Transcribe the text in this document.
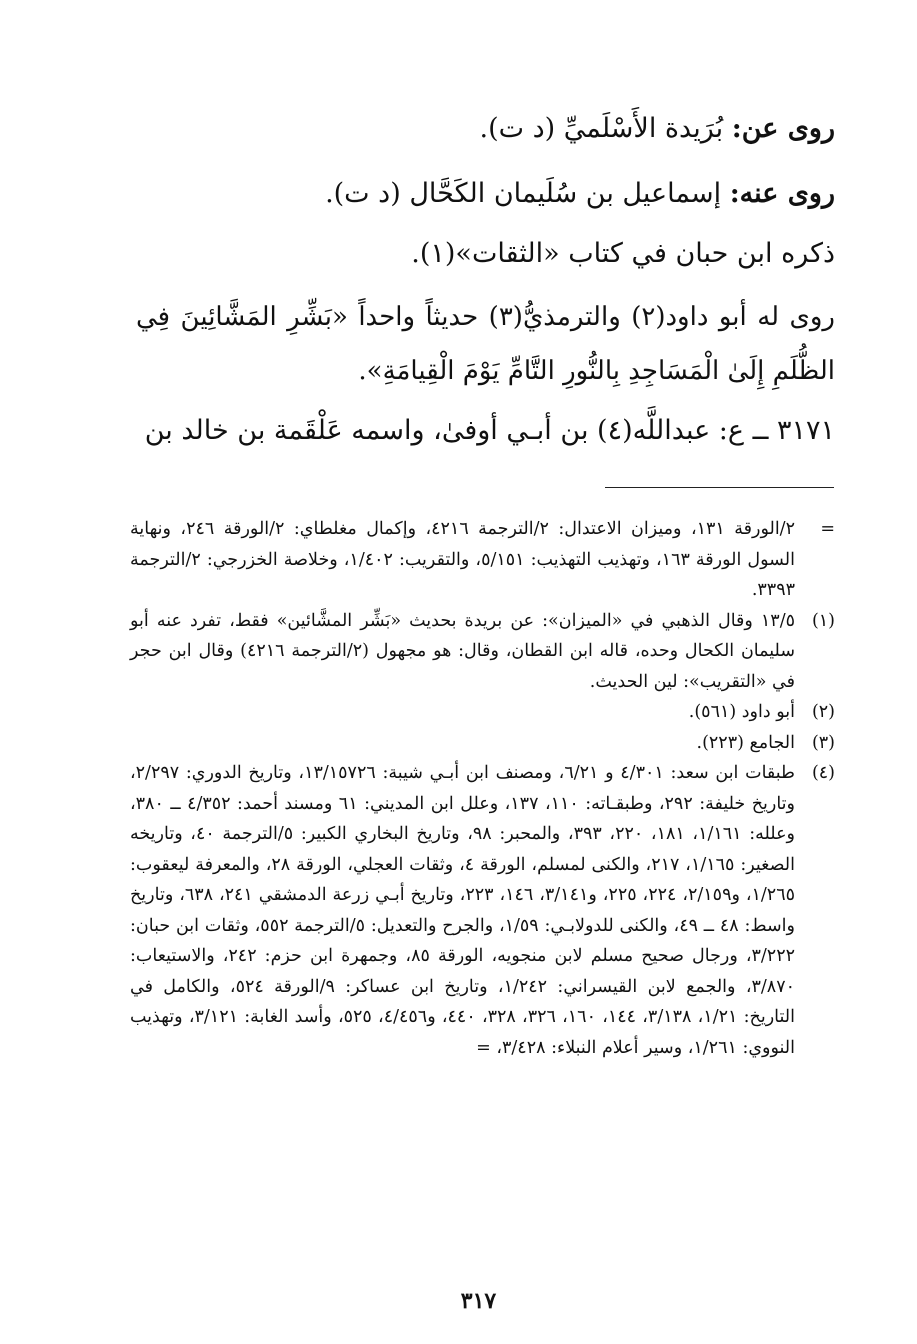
روى عن: بُرَيدة الأَسْلَميِّ (د ت).
روى عنه: إسماعيل بن سُلَيمان الكَحَّال (د ت).
ذكره ابن حبان في كتاب «الثقات»(١).
روى له أبو داود(٢) والترمذيُّ(٣) حديثاً واحداً «بَشِّرِ المَشَّائِينَ فِي الظُّلَمِ إِلَىٰ الْمَسَاجِدِ بِالنُّورِ التَّامِّ يَوْمَ الْقِيامَةِ».
٣١٧١ ــ ع: عبداللَّه(٤) بن أبـي أوفىٰ، واسمه عَلْقَمة بن خالد بن
=
٢/الورقة ١٣١، وميزان الاعتدال: ٢/الترجمة ٤٢١٦، وإكمال مغلطاي: ٢/الورقة ٢٤٦، ونهاية السول الورقة ١٦٣، وتهذيب التهذيب: ٥/١٥١، والتقريب: ١/٤٠٢، وخلاصة الخزرجي: ٢/الترجمة ٣٣٩٣.
(١)
١٣/٥ وقال الذهبي في «الميزان»: عن بريدة بحديث «بَشِّر المشَّائين» فقط، تفرد عنه أبو سليمان الكحال وحده، قاله ابن القطان، وقال: هو مجهول (٢/الترجمة ٤٢١٦) وقال ابن حجر في «التقريب»: لين الحديث.
(٢)
أبو داود (٥٦١).
(٣)
الجامع (٢٢٣).
(٤)
طبقات ابن سعد: ٤/٣٠١ و ٦/٢١، ومصنف ابن أبـي شيبة: ١٣/١٥٧٢٦، وتاريخ الدوري: ٢/٢٩٧، وتاريخ خليفة: ٢٩٢، وطبقـاته: ١١٠، ١٣٧، وعلل ابن المديني: ٦١ ومسند أحمد: ٤/٣٥٢ ــ ٣٨٠، وعلله: ١/١٦١، ١٨١، ٢٢٠، ٣٩٣، والمحبر: ٩٨، وتاريخ البخاري الكبير: ٥/الترجمة ٤٠، وتاريخه الصغير: ١/١٦٥، ٢١٧، والكنى لمسلم، الورقة ٤، وثقات العجلي، الورقة ٢٨، والمعرفة ليعقوب: ١/٢٦٥، و٢/١٥٩، ٢٢٤، ٢٢٥، و٣/١٤١، ١٤٦، ٢٢٣، وتاريخ أبـي زرعة الدمشقي ٢٤١، ٦٣٨، وتاريخ واسط: ٤٨ ــ ٤٩، والكنى للدولابـي: ١/٥٩، والجرح والتعديل: ٥/الترجمة ٥٥٢، وثقات ابن حبان: ٣/٢٢٢، ورجال صحيح مسلم لابن منجويه، الورقة ٨٥، وجمهرة ابن حزم: ٢٤٢، والاستيعاب: ٣/٨٧٠، والجمع لابن القيسراني: ١/٢٤٢، وتاريخ ابن عساكر: ٩/الورقة ٥٢٤، والكامل في التاريخ: ١/٢١، ٣/١٣٨، ١٤٤، ١٦٠، ٣٢٦، ٣٢٨، ٤٤٠، و٤/٤٥٦، ٥٢٥، وأسد الغابة: ٣/١٢١، وتهذيب النووي: ١/٢٦١، وسير أعلام النبلاء: ٣/٤٢٨، =
٣١٧
